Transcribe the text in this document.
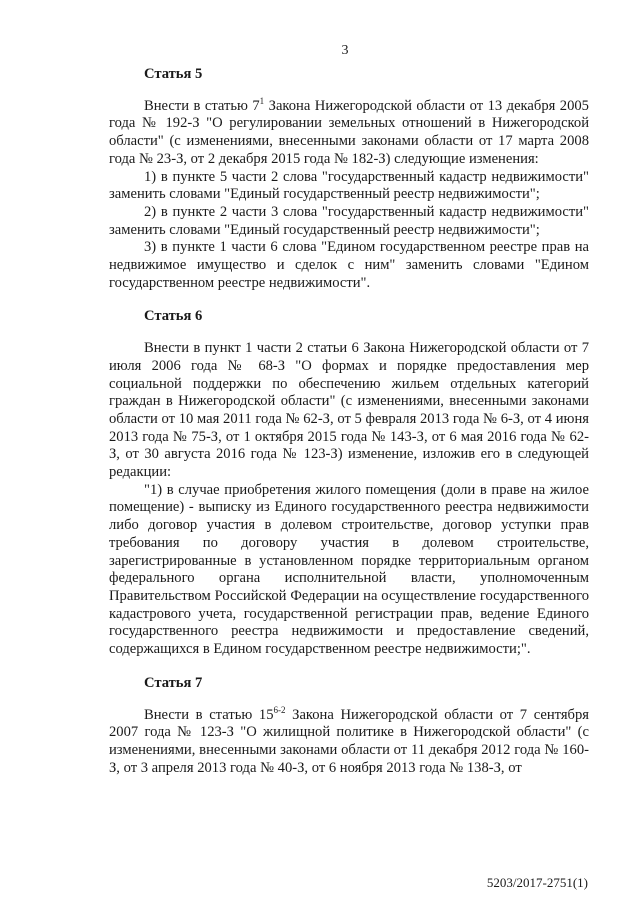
3
Статья 5

Внести в статью $7^1$ Закона Нижегородской области от 13 декабря 2005 года № 192-З "О регулировании земельных отношений в Нижегородской области" (с изменениями, внесенными законами области от 17 марта 2008 года № 23-З, от 2 декабря 2015 года № 182-З) следующие изменения:

1) в пункте 5 части 2 слова "государственный кадастр недвижимости" заменить словами "Единый государственный реестр недвижимости";

2) в пункте 2 части 3 слова "государственный кадастр недвижимости" заменить словами "Единый государственный реестр недвижимости";

3) в пункте 1 части 6 слова "Едином государственном реестре прав на недвижимое имущество и сделок с ним" заменить словами "Едином государственном реестре недвижимости".

Статья 6

Внести в пункт 1 части 2 статьи 6 Закона Нижегородской области от 7 июля 2006 года № 68-З "О формах и порядке предоставления мер социальной поддержки по обеспечению жильем отдельных категорий граждан в Нижегородской области" (с изменениями, внесенными законами области от 10 мая 2011 года № 62-З, от 5 февраля 2013 года № 6-З, от 4 июня 2013 года № 75-З, от 1 октября 2015 года № 143-З, от 6 мая 2016 года № 62-З, от 30 августа 2016 года № 123-З) изменение, изложив его в следующей редакции:

"1) в случае приобретения жилого помещения (доли в праве на жилое помещение) - выписку из Единого государственного реестра недвижимости либо договор участия в долевом строительстве, договор уступки прав требования по договору участия в долевом строительстве, зарегистрированные в установленном порядке территориальным органом федерального органа исполнительной власти, уполномоченным Правительством Российской Федерации на осуществление государственного кадастрового учета, государственной регистрации прав, ведение Единого государственного реестра недвижимости и предоставление сведений, содержащихся в Едином государственном реестре недвижимости;".

Статья 7

Внести в статью 15$^{6-2}$ Закона Нижегородской области от 7 сентября 2007 года № 123-З "О жилищной политике в Нижегородской области" (с изменениями, внесенными законами области от 11 декабря 2012 года № 160-З, от 3 апреля 2013 года № 40-З, от 6 ноября 2013 года № 138-З, от

5203/2017-2751(1)
